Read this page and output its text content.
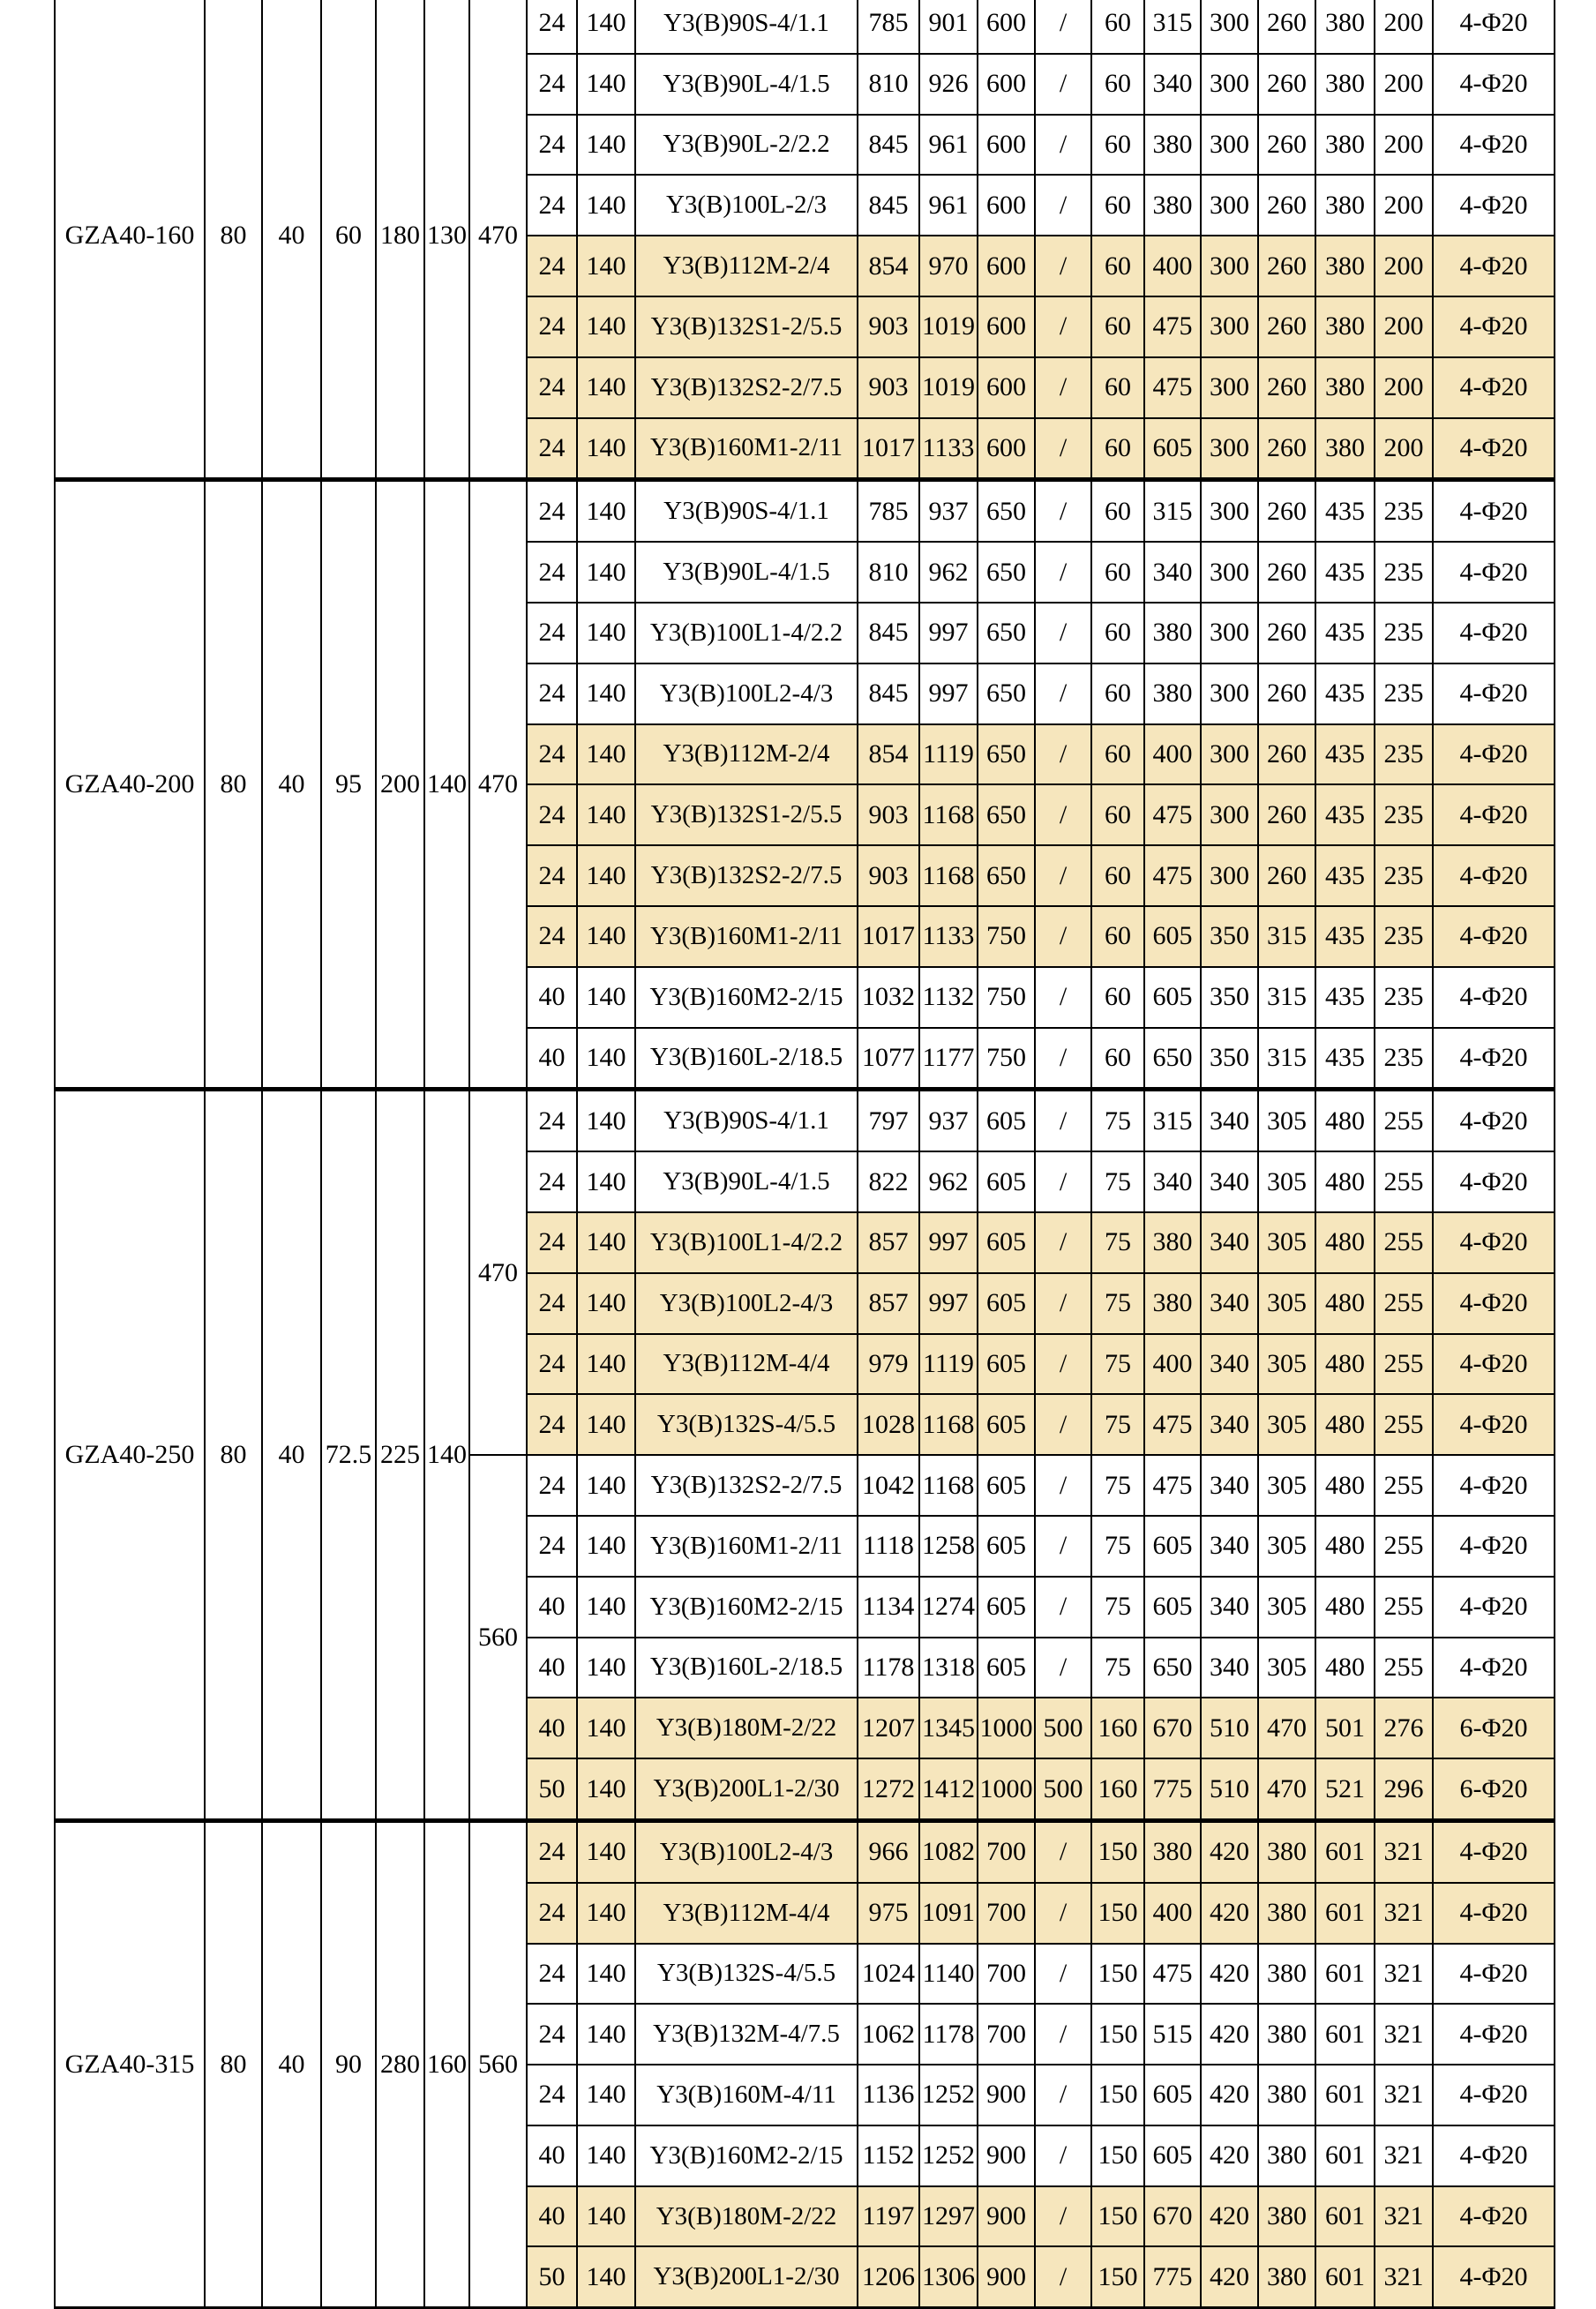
GZA40-160	80	40	60	180	130	470	24	140	Y3(B)90S-4/1.1	785	901	600	/	60	315	300	260	380	200	4-Φ20
							24	140	Y3(B)90L-4/1.5	810	926	600	/	60	340	300	260	380	200	4-Φ20
							24	140	Y3(B)90L-2/2.2	845	961	600	/	60	380	300	260	380	200	4-Φ20
							24	140	Y3(B)100L-2/3	845	961	600	/	60	380	300	260	380	200	4-Φ20
							24	140	Y3(B)112M-2/4	854	970	600	/	60	400	300	260	380	200	4-Φ20
							24	140	Y3(B)132S1-2/5.5	903	1019	600	/	60	475	300	260	380	200	4-Φ20
							24	140	Y3(B)132S2-2/7.5	903	1019	600	/	60	475	300	260	380	200	4-Φ20
							24	140	Y3(B)160M1-2/11	1017	1133	600	/	60	605	300	260	380	200	4-Φ20
GZA40-200	80	40	95	200	140	470	24	140	Y3(B)90S-4/1.1	785	937	650	/	60	315	300	260	435	235	4-Φ20
							24	140	Y3(B)90L-4/1.5	810	962	650	/	60	340	300	260	435	235	4-Φ20
							24	140	Y3(B)100L1-4/2.2	845	997	650	/	60	380	300	260	435	235	4-Φ20
							24	140	Y3(B)100L2-4/3	845	997	650	/	60	380	300	260	435	235	4-Φ20
							24	140	Y3(B)112M-2/4	854	1119	650	/	60	400	300	260	435	235	4-Φ20
							24	140	Y3(B)132S1-2/5.5	903	1168	650	/	60	475	300	260	435	235	4-Φ20
							24	140	Y3(B)132S2-2/7.5	903	1168	650	/	60	475	300	260	435	235	4-Φ20
							24	140	Y3(B)160M1-2/11	1017	1133	750	/	60	605	350	315	435	235	4-Φ20
							40	140	Y3(B)160M2-2/15	1032	1132	750	/	60	605	350	315	435	235	4-Φ20
							40	140	Y3(B)160L-2/18.5	1077	1177	750	/	60	650	350	315	435	235	4-Φ20
GZA40-250	80	40	72.5	225	140	470	24	140	Y3(B)90S-4/1.1	797	937	605	/	75	315	340	305	480	255	4-Φ20
							24	140	Y3(B)90L-4/1.5	822	962	605	/	75	340	340	305	480	255	4-Φ20
							24	140	Y3(B)100L1-4/2.2	857	997	605	/	75	380	340	305	480	255	4-Φ20
							24	140	Y3(B)100L2-4/3	857	997	605	/	75	380	340	305	480	255	4-Φ20
							24	140	Y3(B)112M-4/4	979	1119	605	/	75	400	340	305	480	255	4-Φ20
							24	140	Y3(B)132S-4/5.5	1028	1168	605	/	75	475	340	305	480	255	4-Φ20
						560	24	140	Y3(B)132S2-2/7.5	1042	1168	605	/	75	475	340	305	480	255	4-Φ20
							24	140	Y3(B)160M1-2/11	1118	1258	605	/	75	605	340	305	480	255	4-Φ20
							40	140	Y3(B)160M2-2/15	1134	1274	605	/	75	605	340	305	480	255	4-Φ20
							40	140	Y3(B)160L-2/18.5	1178	1318	605	/	75	650	340	305	480	255	4-Φ20
							40	140	Y3(B)180M-2/22	1207	1345	1000	500	160	670	510	470	501	276	6-Φ20
							50	140	Y3(B)200L1-2/30	1272	1412	1000	500	160	775	510	470	521	296	6-Φ20
GZA40-315	80	40	90	280	160	560	24	140	Y3(B)100L2-4/3	966	1082	700	/	150	380	420	380	601	321	4-Φ20
							24	140	Y3(B)112M-4/4	975	1091	700	/	150	400	420	380	601	321	4-Φ20
							24	140	Y3(B)132S-4/5.5	1024	1140	700	/	150	475	420	380	601	321	4-Φ20
							24	140	Y3(B)132M-4/7.5	1062	1178	700	/	150	515	420	380	601	321	4-Φ20
							24	140	Y3(B)160M-4/11	1136	1252	900	/	150	605	420	380	601	321	4-Φ20
							40	140	Y3(B)160M2-2/15	1152	1252	900	/	150	605	420	380	601	321	4-Φ20
							40	140	Y3(B)180M-2/22	1197	1297	900	/	150	670	420	380	601	321	4-Φ20
							50	140	Y3(B)200L1-2/30	1206	1306	900	/	150	775	420	380	601	321	4-Φ20
